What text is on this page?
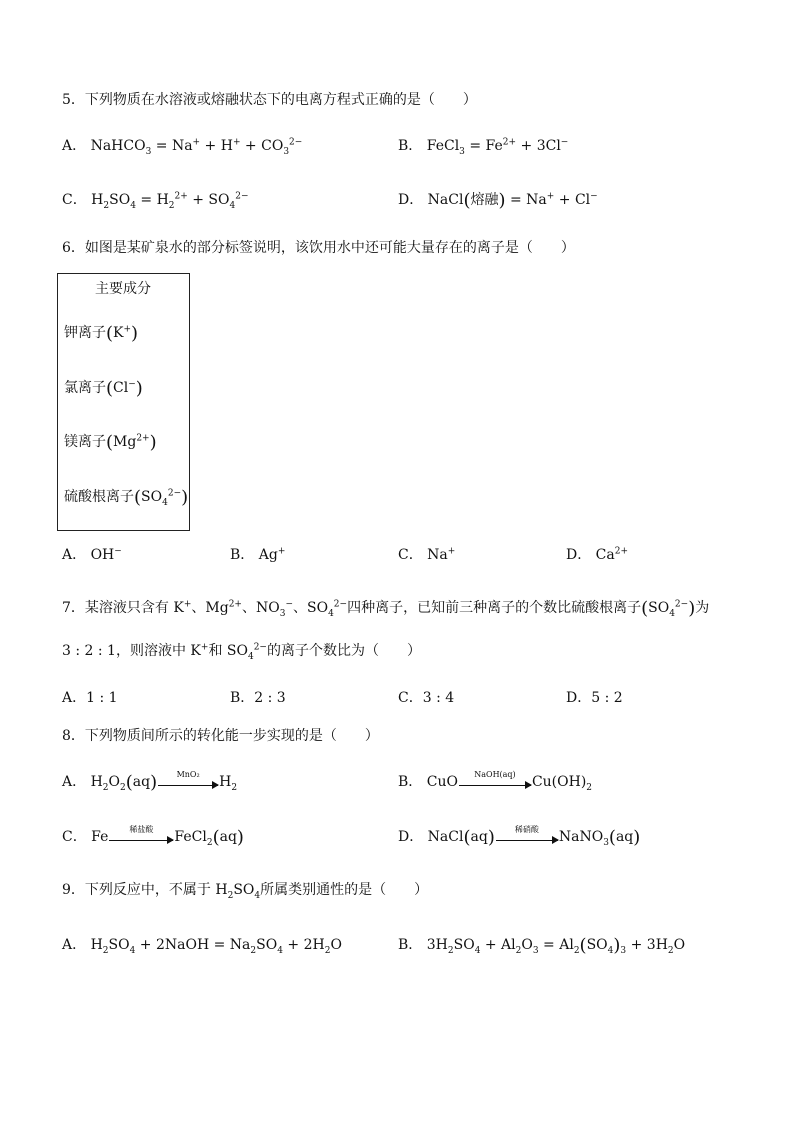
5．下列物质在水溶液或熔融状态下的电离方程式正确的是（　　）
A． NaHCO$_3$ = $Na^+ + H^+ + CO_3^{2-}$	B． FeCl$_3$ = $Fe^{2+} + 3Cl^-$
C． $H_2SO_4 = H_2^{2+} + SO_4^{2-}$	D． NaCl(熔融) = Na+ + Cl−
6．如图是某矿泉水的部分标签说明，该饮用水中还可能大量存在的离子是（　　）
主要成分
钾离子(K+)
氯离子(Cl−)
镁离子$(Mg^{2+})$
硫酸根离子$(SO_4^{2-})$
A． OH−	B． Ag+	C． Na+	D． $Ca^{2+}$
7．某溶液只含有 K+、$Mg^{2+}$、$NO_3^-$、$SO_4^{2-}$四种离子，已知前三种离子的个数比硫酸根离子$(SO_4^{2-})$为
3 : 2 : 1，则溶液中 K+和 $SO_4^{2-}$的离子个数比为（　　）
A．1 : 1	B．2 : 3	C．3 : 4	D．5 : 2
8．下列物质间所示的转化能一步实现的是（　　）
A． $H_2O_2(aq)$	MnO₂	$H_2$	B． CuO	NaOH(aq)	$Cu(OH)_2$
C． Fe	稀盐酸	FeCl$_2$(aq)	D． NaCl(aq)	稀硝酸	NaNO$_3$(aq)
9．下列反应中，不属于 $H_2SO_4$所属类别通性的是（　　）
A． $H_2SO_4$ + 2NaOH = $Na_2SO_4 + 2H_2O$	B． $3H_2SO_4 + Al_2O_3 = Al_2(SO_4)_3 + 3H_2O$
